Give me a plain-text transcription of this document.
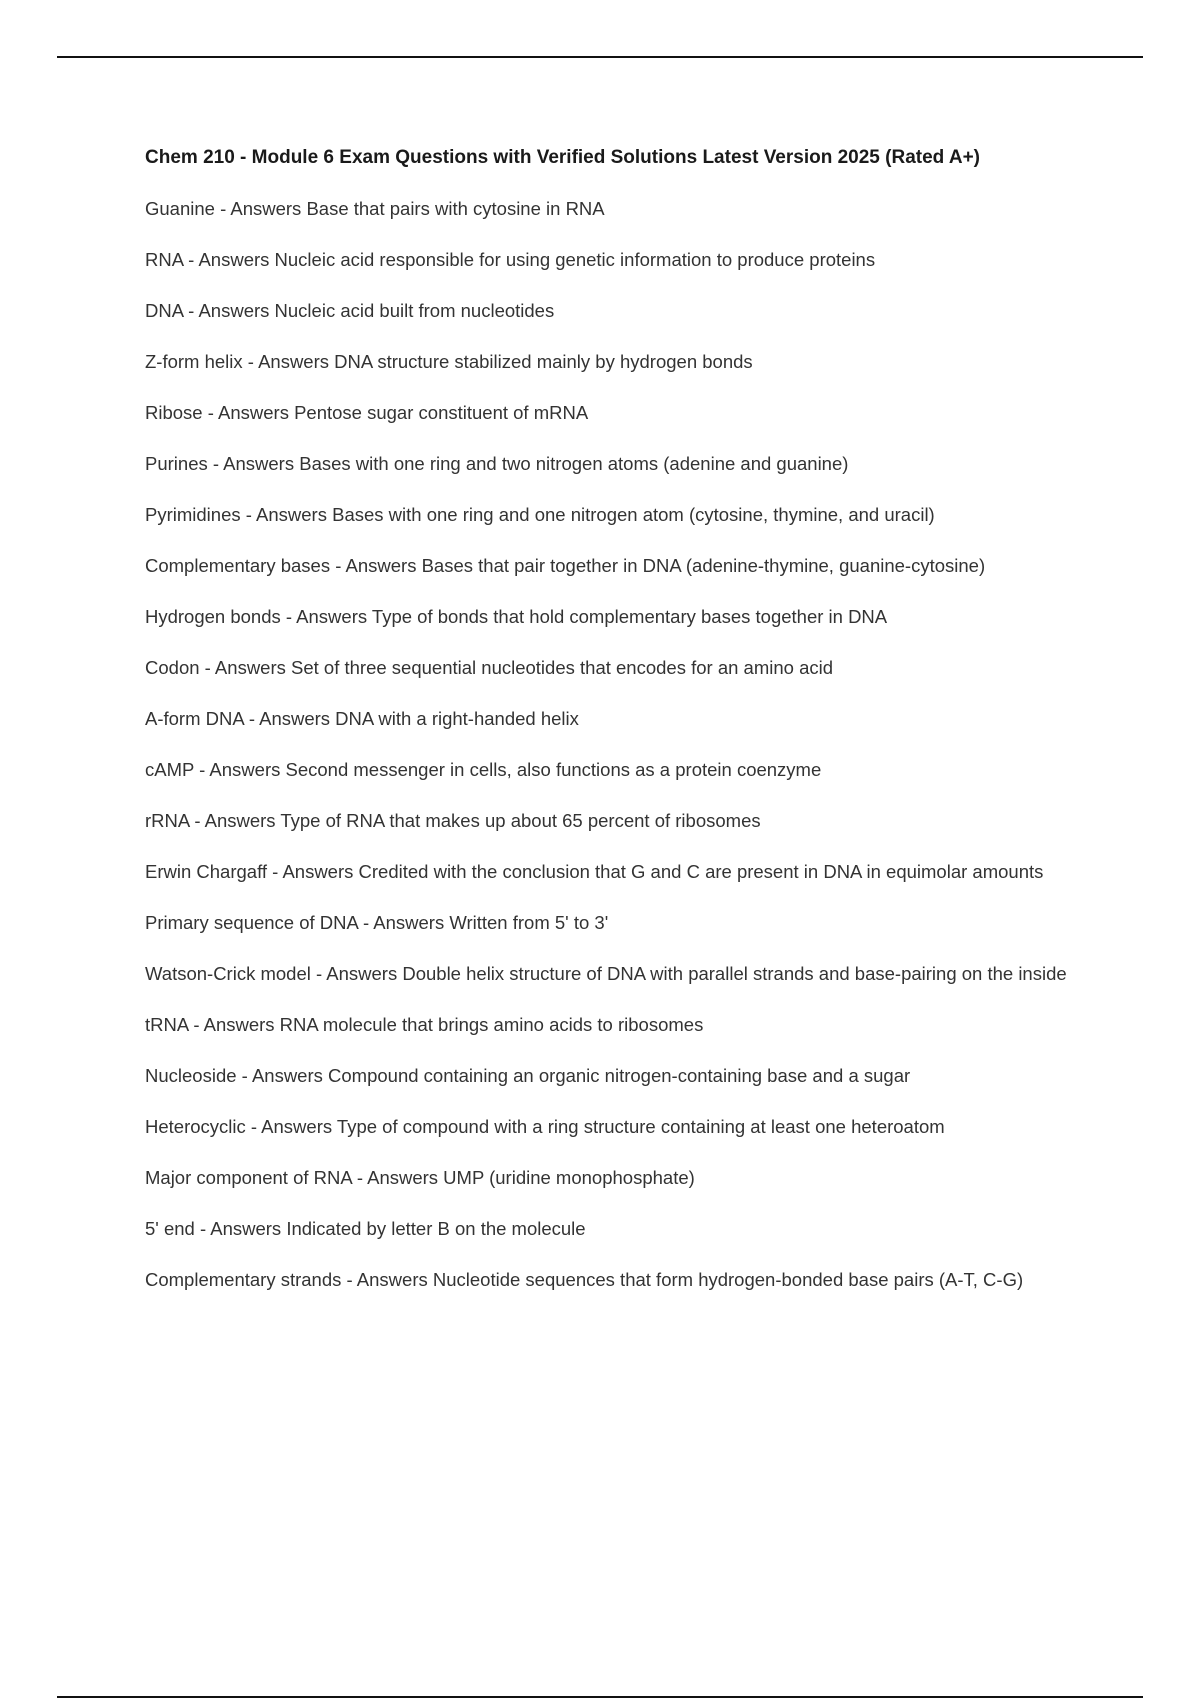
Chem 210 - Module 6 Exam Questions with Verified Solutions Latest Version 2025 (Rated A+)
Guanine - Answers Base that pairs with cytosine in RNA
RNA - Answers Nucleic acid responsible for using genetic information to produce proteins
DNA - Answers Nucleic acid built from nucleotides
Z-form helix - Answers DNA structure stabilized mainly by hydrogen bonds
Ribose - Answers Pentose sugar constituent of mRNA
Purines - Answers Bases with one ring and two nitrogen atoms (adenine and guanine)
Pyrimidines - Answers Bases with one ring and one nitrogen atom (cytosine, thymine, and uracil)
Complementary bases - Answers Bases that pair together in DNA (adenine-thymine, guanine-cytosine)
Hydrogen bonds - Answers Type of bonds that hold complementary bases together in DNA
Codon - Answers Set of three sequential nucleotides that encodes for an amino acid
A-form DNA - Answers DNA with a right-handed helix
cAMP - Answers Second messenger in cells, also functions as a protein coenzyme
rRNA - Answers Type of RNA that makes up about 65 percent of ribosomes
Erwin Chargaff - Answers Credited with the conclusion that G and C are present in DNA in equimolar amounts
Primary sequence of DNA - Answers Written from 5' to 3'
Watson-Crick model - Answers Double helix structure of DNA with parallel strands and base-pairing on the inside
tRNA - Answers RNA molecule that brings amino acids to ribosomes
Nucleoside - Answers Compound containing an organic nitrogen-containing base and a sugar
Heterocyclic - Answers Type of compound with a ring structure containing at least one heteroatom
Major component of RNA - Answers UMP (uridine monophosphate)
5' end - Answers Indicated by letter B on the molecule
Complementary strands - Answers Nucleotide sequences that form hydrogen-bonded base pairs (A-T, C-G)
